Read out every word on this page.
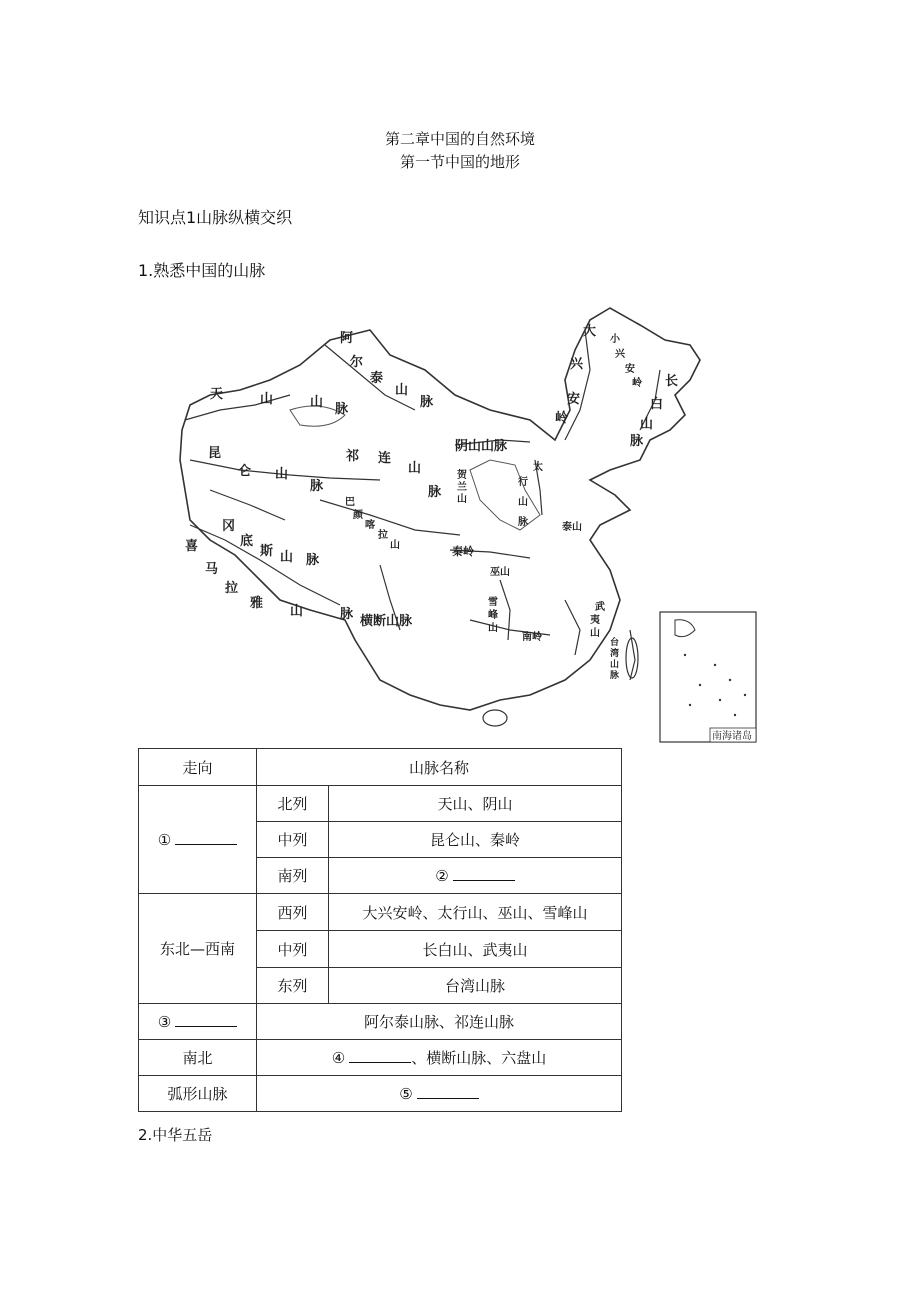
第二章中国的自然环境
第一节中国的地形
知识点1山脉纵横交织
1.熟悉中国的山脉
阿
尔
泰
山
脉
天	山	山 脉
昆
仑 山
脉
祁 连
山
脉
喜
马
拉
雅
山	脉
冈
底
斯 山 脉
横断山脉
阴山山脉
太
行
山
脉
大
兴
安
岭
小
兴
安
岭 长
白
山
脉
贺
兰
山
巴
颜
喀
拉
山	秦岭
泰山
巫山
雪
峰
山
南岭
武
夷
山
台
湾
山
脉
南海诸岛
走向	山脉名称	
①	北列	天山、阴山
	中列	昆仑山、秦岭
	南列	②
东北—西南	西列	大兴安岭、太行山、巫山、雪峰山
	中列	长白山、武夷山
	东列	台湾山脉
③	阿尔泰山脉、祁连山脉	
南北	④ 、横断山脉、六盘山	
弧形山脉	⑤	
2.中华五岳
